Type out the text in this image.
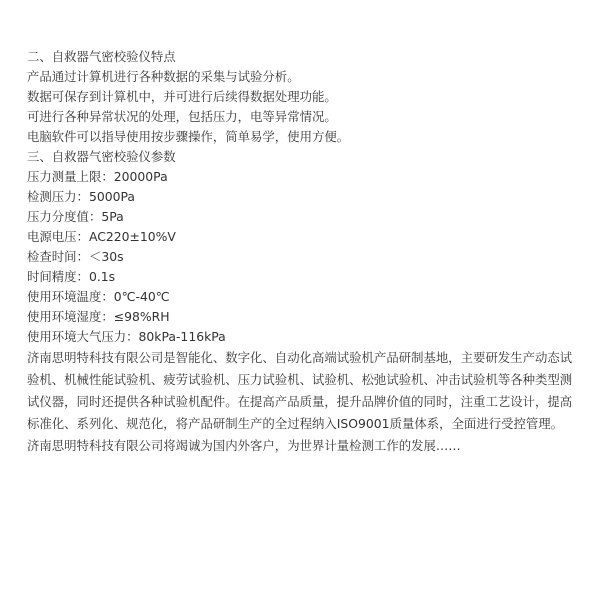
二、自救器气密校验仪特点
产品通过计算机进行各种数据的采集与试验分析。
数据可保存到计算机中，并可进行后续得数据处理功能。
可进行各种异常状况的处理，包括压力，电等异常情况。
电脑软件可以指导使用按步骤操作，简单易学，使用方便。
三、自救器气密校验仪参数
压力测量上限：20000Pa
检测压力：5000Pa
压力分度值：5Pa
电源电压：AC220±10%V
检查时间：＜30s
时间精度：0.1s
使用环境温度：0℃-40℃
使用环境湿度：≤98%RH
使用环境大气压力：80kPa-116kPa
济南思明特科技有限公司是智能化、数字化、自动化高端试验机产品研制基地，主要研发生产动态试验机、机械性能试验机、疲劳试验机、压力试验机、试验机、松弛试验机、冲击试验机等各种类型测试仪器，同时还提供各种试验机配件。在提高产品质量，提升品牌价值的同时，注重工艺设计，提高标准化、系列化、规范化，将产品研制生产的全过程纳入ISO9001质量体系，全面进行受控管理。济南思明特科技有限公司将竭诚为国内外客户，为世界计量检测工作的发展……
